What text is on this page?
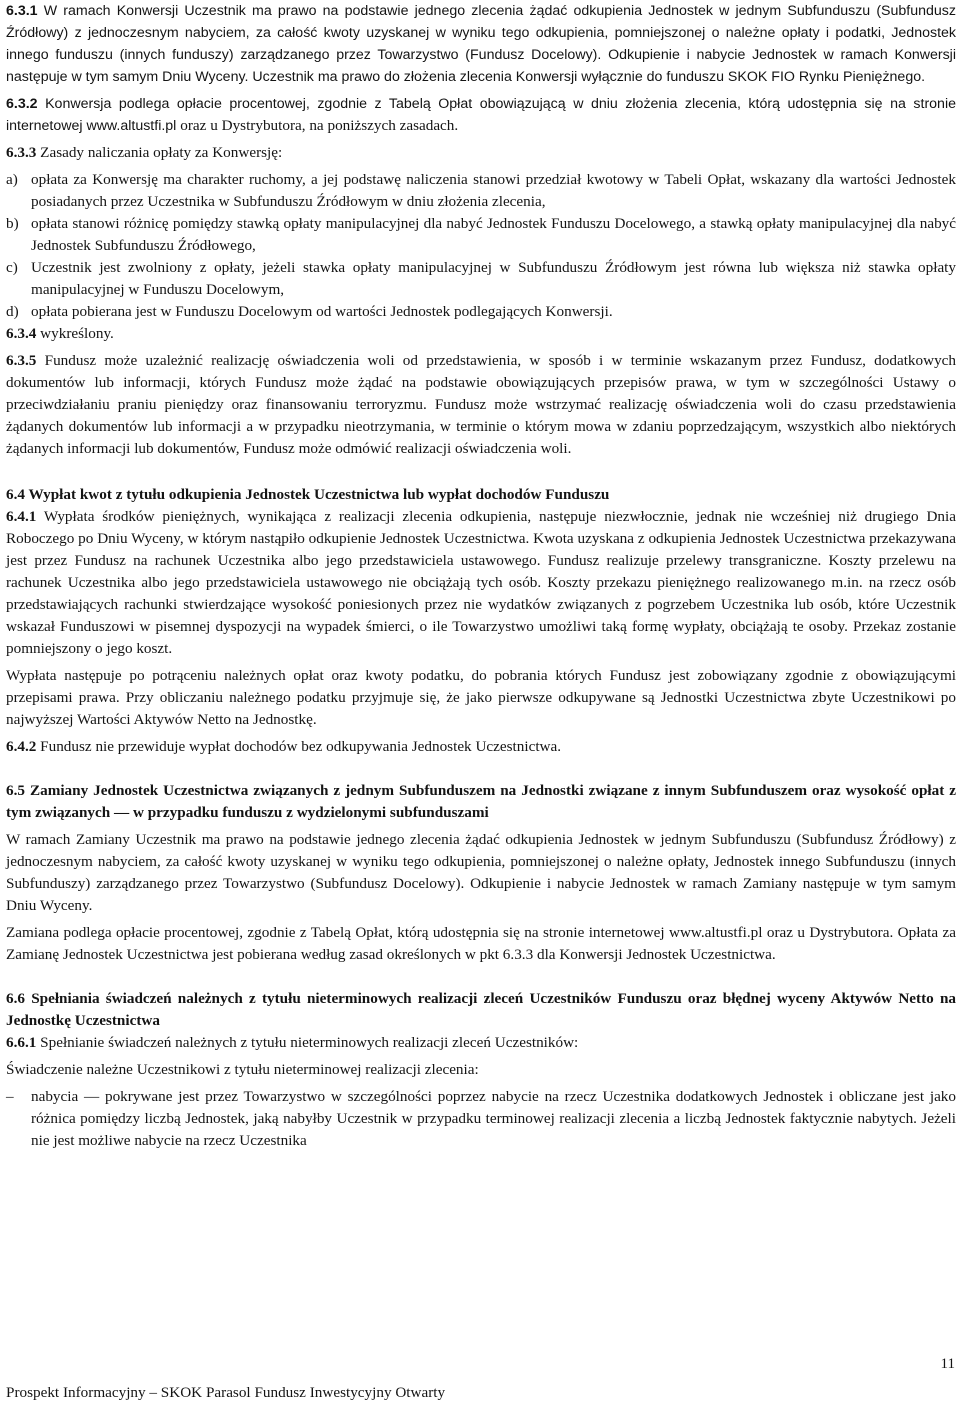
6.3.1 W ramach Konwersji Uczestnik ma prawo na podstawie jednego zlecenia żądać odkupienia Jednostek w jednym Subfunduszu (Subfundusz Źródłowy) z jednoczesnym nabyciem, za całość kwoty uzyskanej w wyniku tego odkupienia, pomniejszonej o należne opłaty i podatki, Jednostek innego funduszu (innych funduszy) zarządzanego przez Towarzystwo (Fundusz Docelowy). Odkupienie i nabycie Jednostek w ramach Konwersji następuje w tym samym Dniu Wyceny. Uczestnik ma prawo do złożenia zlecenia Konwersji wyłącznie do funduszu SKOK FIO Rynku Pieniężnego.

6.3.2 Konwersja podlega opłacie procentowej, zgodnie z Tabelą Opłat obowiązującą w dniu złożenia zlecenia, którą udostępnia się na stronie internetowej www.altustfi.pl oraz u Dystrybutora, na poniższych zasadach.

6.3.3 Zasady naliczania opłaty za Konwersję:

a) opłata za Konwersję ma charakter ruchomy, a jej podstawę naliczenia stanowi przedział kwotowy w Tabeli Opłat, wskazany dla wartości Jednostek posiadanych przez Uczestnika w Subfunduszu Źródłowym w dniu złożenia zlecenia,
b) opłata stanowi różnicę pomiędzy stawką opłaty manipulacyjnej dla nabyć Jednostek Funduszu Docelowego, a stawką opłaty manipulacyjnej dla nabyć Jednostek Subfunduszu Źródłowego,
c) Uczestnik jest zwolniony z opłaty, jeżeli stawka opłaty manipulacyjnej w Subfunduszu Źródłowym jest równa lub większa niż stawka opłaty manipulacyjnej w Funduszu Docelowym,
d) opłata pobierana jest w Funduszu Docelowym od wartości Jednostek podlegających Konwersji.

6.3.4 wykreślony.

6.3.5 Fundusz może uzależnić realizację oświadczenia woli od przedstawienia, w sposób i w terminie wskazanym przez Fundusz, dodatkowych dokumentów lub informacji, których Fundusz może żądać na podstawie obowiązujących przepisów prawa, w tym w szczególności Ustawy o przeciwdziałaniu praniu pieniędzy oraz finansowaniu terroryzmu. Fundusz może wstrzymać realizację oświadczenia woli do czasu przedstawienia żądanych dokumentów lub informacji a w przypadku nieotrzymania, w terminie o którym mowa w zdaniu poprzedzającym, wszystkich albo niektórych żądanych informacji lub dokumentów, Fundusz może odmówić realizacji oświadczenia woli.

6.4 Wypłat kwot z tytułu odkupienia Jednostek Uczestnictwa lub wypłat dochodów Funduszu

6.4.1 Wypłata środków pieniężnych, wynikająca z realizacji zlecenia odkupienia, następuje niezwłocznie, jednak nie wcześniej niż drugiego Dnia Roboczego po Dniu Wyceny, w którym nastąpiło odkupienie Jednostek Uczestnictwa. Kwota uzyskana z odkupienia Jednostek Uczestnictwa przekazywana jest przez Fundusz na rachunek Uczestnika albo jego przedstawiciela ustawowego. Fundusz realizuje przelewy transgraniczne. Koszty przelewu na rachunek Uczestnika albo jego przedstawiciela ustawowego nie obciążają tych osób. Koszty przekazu pieniężnego realizowanego m.in. na rzecz osób przedstawiających rachunki stwierdzające wysokość poniesionych przez nie wydatków związanych z pogrzebem Uczestnika lub osób, które Uczestnik wskazał Funduszowi w pisemnej dyspozycji na wypadek śmierci, o ile Towarzystwo umożliwi taką formę wypłaty, obciążają te osoby. Przekaz zostanie pomniejszony o jego koszt.

Wypłata następuje po potrąceniu należnych opłat oraz kwoty podatku, do pobrania których Fundusz jest zobowiązany zgodnie z obowiązującymi przepisami prawa. Przy obliczaniu należnego podatku przyjmuje się, że jako pierwsze odkupywane są Jednostki Uczestnictwa zbyte Uczestnikowi po najwyższej Wartości Aktywów Netto na Jednostkę.

6.4.2 Fundusz nie przewiduje wypłat dochodów bez odkupywania Jednostek Uczestnictwa.

6.5 Zamiany Jednostek Uczestnictwa związanych z jednym Subfunduszem na Jednostki związane z innym Subfunduszem oraz wysokość opłat z tym związanych — w przypadku funduszu z wydzielonymi subfunduszami

W ramach Zamiany Uczestnik ma prawo na podstawie jednego zlecenia żądać odkupienia Jednostek w jednym Subfunduszu (Subfundusz Źródłowy) z jednoczesnym nabyciem, za całość kwoty uzyskanej w wyniku tego odkupienia, pomniejszonej o należne opłaty, Jednostek innego Subfunduszu (innych Subfunduszy) zarządzanego przez Towarzystwo (Subfundusz Docelowy). Odkupienie i nabycie Jednostek w ramach Zamiany następuje w tym samym Dniu Wyceny.

Zamiana podlega opłacie procentowej, zgodnie z Tabelą Opłat, którą udostępnia się na stronie internetowej www.altustfi.pl oraz u Dystrybutora. Opłata za Zamianę Jednostek Uczestnictwa jest pobierana według zasad określonych w pkt 6.3.3 dla Konwersji Jednostek Uczestnictwa.

6.6 Spełniania świadczeń należnych z tytułu nieterminowych realizacji zleceń Uczestników Funduszu oraz błędnej wyceny Aktywów Netto na Jednostkę Uczestnictwa

6.6.1 Spełnianie świadczeń należnych z tytułu nieterminowych realizacji zleceń Uczestników:

Świadczenie należne Uczestnikowi z tytułu nieterminowej realizacji zlecenia:

– nabycia — pokrywane jest przez Towarzystwo w szczególności poprzez nabycie na rzecz Uczestnika dodatkowych Jednostek i obliczane jest jako różnica pomiędzy liczbą Jednostek, jaką nabyłby Uczestnik w przypadku terminowej realizacji zlecenia a liczbą Jednostek faktycznie nabytych. Jeżeli nie jest możliwe nabycie na rzecz Uczestnika
11
Prospekt Informacyjny – SKOK Parasol Fundusz Inwestycyjny Otwarty
